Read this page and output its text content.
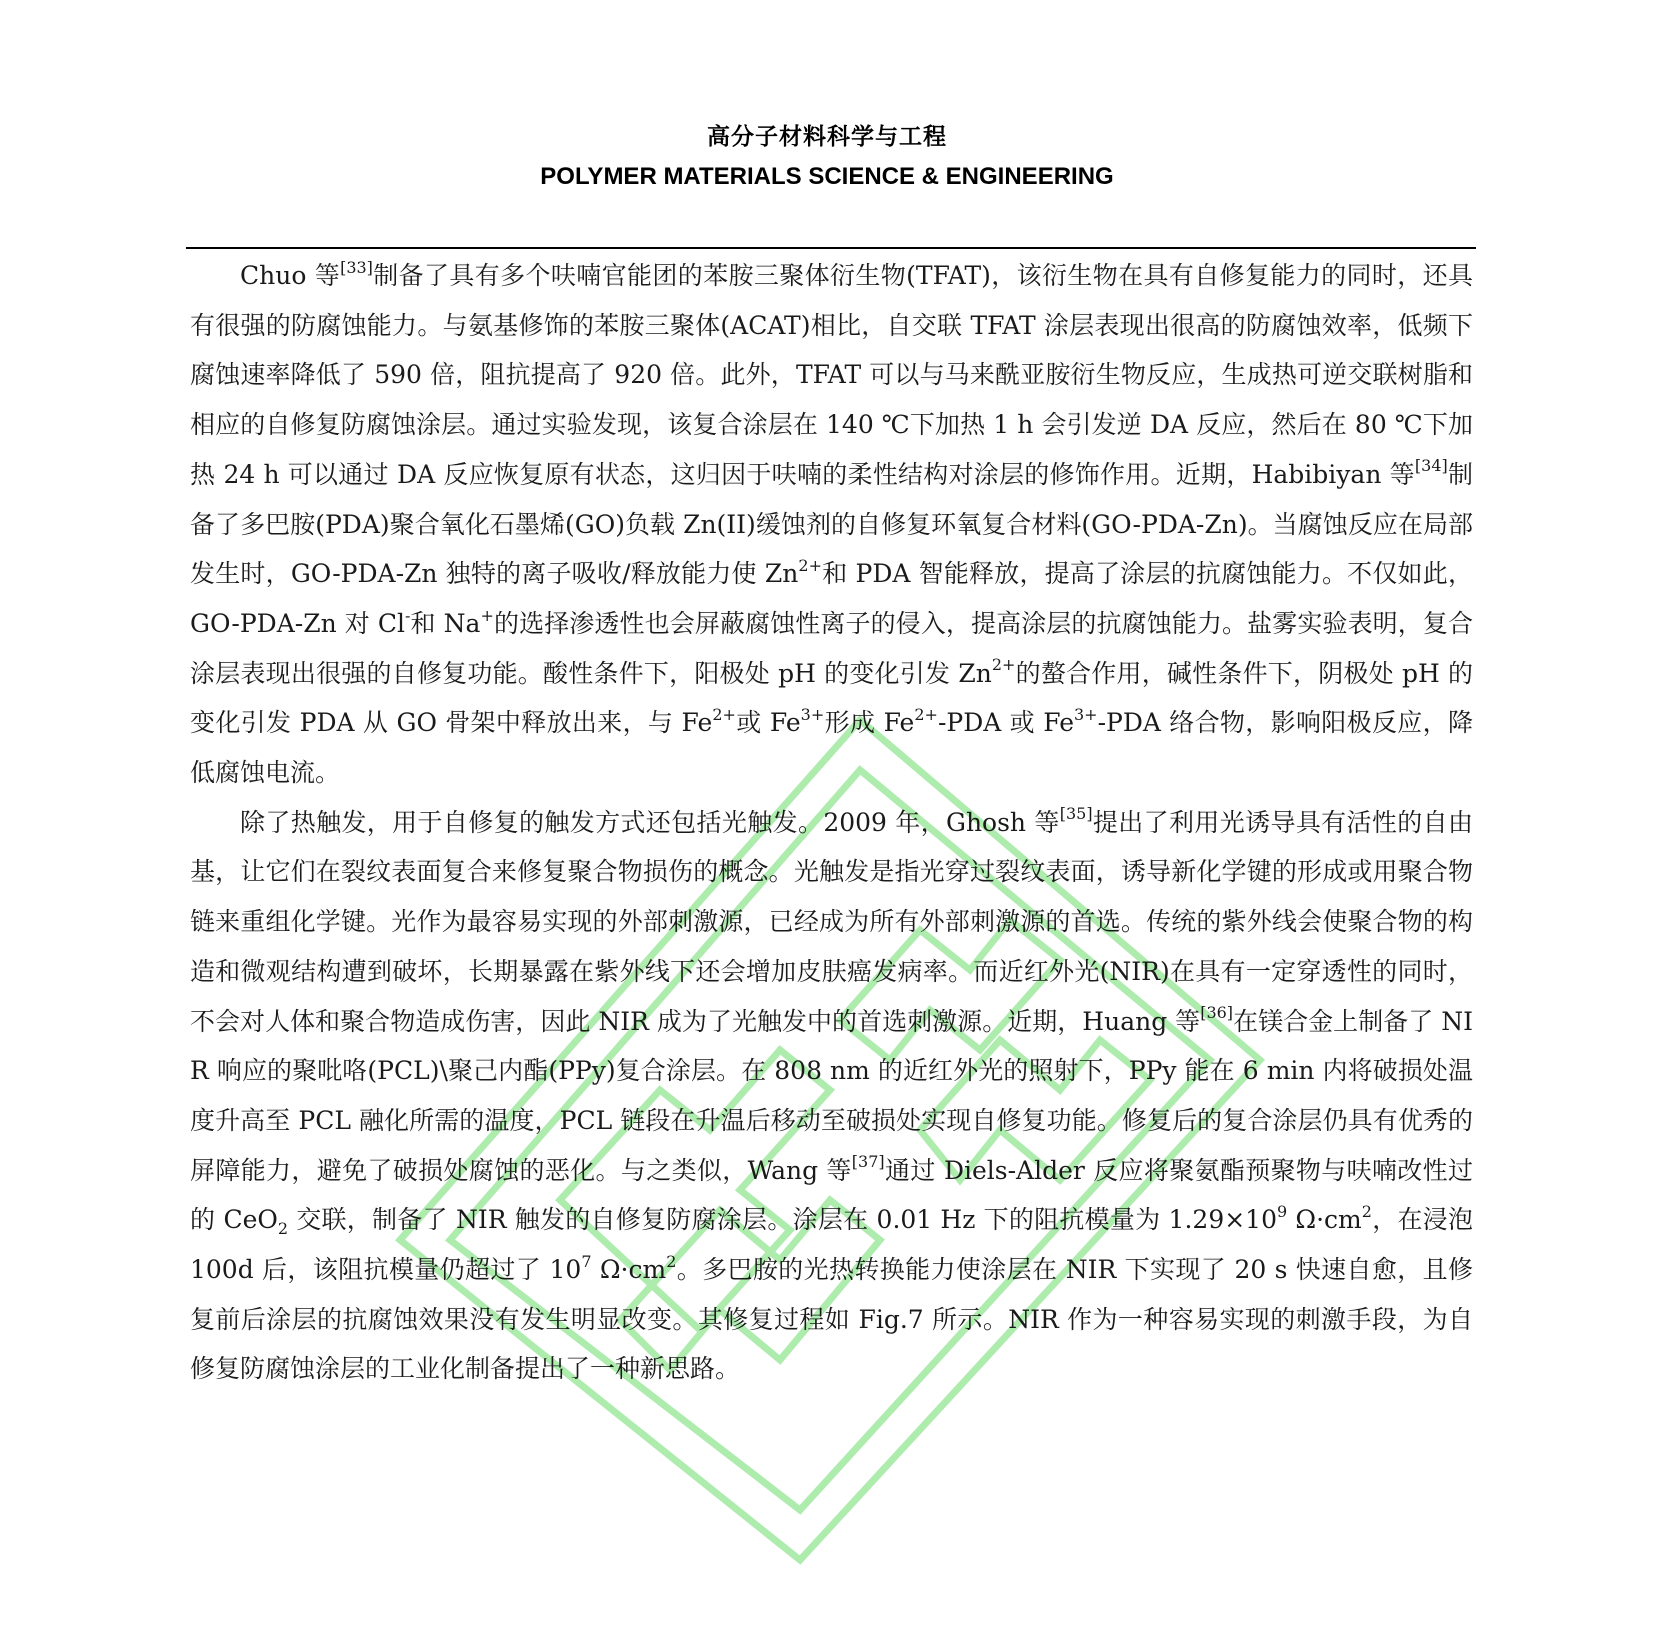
高分子材料科学与工程
POLYMER MATERIALS SCIENCE & ENGINEERING

Chuo 等[33]制备了具有多个呋喃官能团的苯胺三聚体衍生物(TFAT)，该衍生物在具有自修复能力的同时，还具有很强的防腐蚀能力。与氨基修饰的苯胺三聚体(ACAT)相比，自交联 TFAT 涂层表现出很高的防腐蚀效率，低频下腐蚀速率降低了 590 倍，阻抗提高了 920 倍。此外，TFAT 可以与马来酰亚胺衍生物反应，生成热可逆交联树脂和相应的自修复防腐蚀涂层。通过实验发现，该复合涂层在 140 ℃下加热 1 h 会引发逆 DA 反应，然后在 80 ℃下加热 24 h 可以通过 DA 反应恢复原有状态，这归因于呋喃的柔性结构对涂层的修饰作用。近期，Habibiyan 等[34]制备了多巴胺(PDA)聚合氧化石墨烯(GO)负载 Zn(II)缓蚀剂的自修复环氧复合材料(GO-PDA-Zn)。当腐蚀反应在局部发生时，GO-PDA-Zn 独特的离子吸收/释放能力使 $Zn^{2+}$和 PDA 智能释放，提高了涂层的抗腐蚀能力。不仅如此，GO-PDA-Zn 对 Cl-和 Na+的选择渗透性也会屏蔽腐蚀性离子的侵入，提高涂层的抗腐蚀能力。盐雾实验表明，复合涂层表现出很强的自修复功能。酸性条件下，阳极处 pH 的变化引发 $Zn^{2+}$的螯合作用，碱性条件下，阴极处 pH 的变化引发 PDA 从 GO 骨架中释放出来，与 $Fe^{2+}$或 $Fe^{3+}$形成 $Fe^{2+}$-PDA 或 $Fe^{3+}$-PDA 络合物，影响阳极反应，降低腐蚀电流。

除了热触发，用于自修复的触发方式还包括光触发。2009 年，Ghosh 等[35]提出了利用光诱导具有活性的自由基，让它们在裂纹表面复合来修复聚合物损伤的概念。光触发是指光穿过裂纹表面，诱导新化学键的形成或用聚合物链来重组化学键。光作为最容易实现的外部刺激源，已经成为所有外部刺激源的首选。传统的紫外线会使聚合物的构造和微观结构遭到破坏，长期暴露在紫外线下还会增加皮肤癌发病率。而近红外光(NIR)在具有一定穿透性的同时，不会对人体和聚合物造成伤害，因此 NIR 成为了光触发中的首选刺激源。近期，Huang 等[36]在镁合金上制备了 NIR 响应的聚吡咯(PCL)\聚己内酯(PPy)复合涂层。在 808 nm 的近红外光的照射下，PPy 能在 6 min 内将破损处温度升高至 PCL 融化所需的温度，PCL 链段在升温后移动至破损处实现自修复功能。修复后的复合涂层仍具有优秀的屏障能力，避免了破损处腐蚀的恶化。与之类似，Wang 等[37]通过 Diels-Alder 反应将聚氨酯预聚物与呋喃改性过的 CeO$_2$ 交联，制备了 NIR 触发的自修复防腐涂层。涂层在 0.01 Hz 下的阻抗模量为 $1.29\times 10^9$ $\Omega\cdot cm^2$，在浸泡 100d 后，该阻抗模量仍超过了 $10^7$ $\Omega\cdot cm^2$。多巴胺的光热转换能力使涂层在 NIR 下实现了 20 s 快速自愈，且修复前后涂层的抗腐蚀效果没有发生明显改变。其修复过程如 Fig.7 所示。NIR 作为一种容易实现的刺激手段，为自修复防腐蚀涂层的工业化制备提出了一种新思路。
